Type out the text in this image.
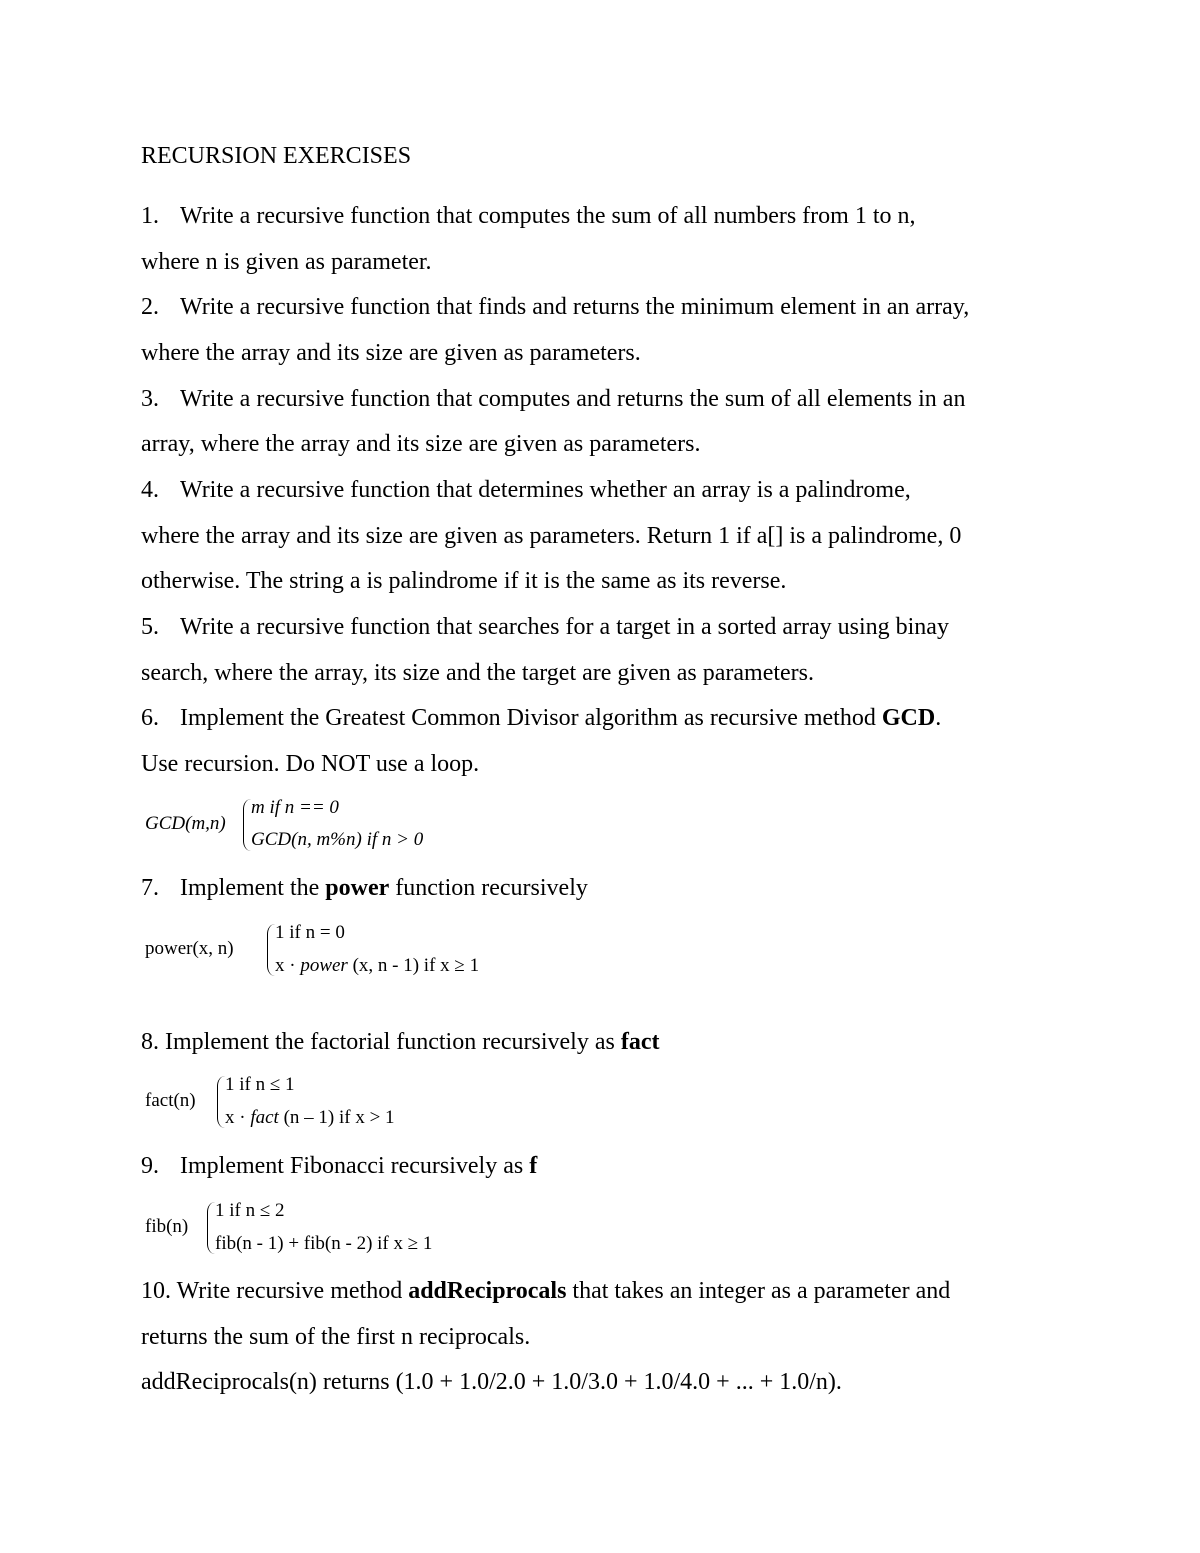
RECURSION EXERCISES
1. Write a recursive function that computes the sum of all numbers from 1 to n,
where n is given as parameter.
2. Write a recursive function that finds and returns the minimum element in an array,
where the array and its size are given as parameters.
3. Write a recursive function that computes and returns the sum of all elements in an
array, where the array and its size are given as parameters.
4. Write a recursive function that determines whether an array is a palindrome,
where the array and its size are given as parameters. Return 1 if a[] is a palindrome, 0
otherwise. The string a is palindrome if it is the same as its reverse.
5. Write a recursive function that searches for a target in a sorted array using binay
search, where the array, its size and the target are given as parameters.
6. Implement the Greatest Common Divisor algorithm as recursive method GCD.
Use recursion. Do NOT use a loop.
GCD(m,n)
m if n == 0
GCD(n, m%n) if n > 0
7. Implement the power function recursively
power(x, n)
1 if n = 0
x · power (x, n - 1) if x ≥ 1
8. Implement the factorial function recursively as fact
fact(n)
1 if n ≤ 1
x · fact (n – 1) if x > 1
9. Implement Fibonacci recursively as f
fib(n)
1 if n ≤ 2
fib(n - 1) + fib(n - 2) if x ≥ 1
10. Write recursive method addReciprocals that takes an integer as a parameter and
returns the sum of the first n reciprocals.
addReciprocals(n) returns (1.0 + 1.0/2.0 + 1.0/3.0 + 1.0/4.0 + ... + 1.0/n).
